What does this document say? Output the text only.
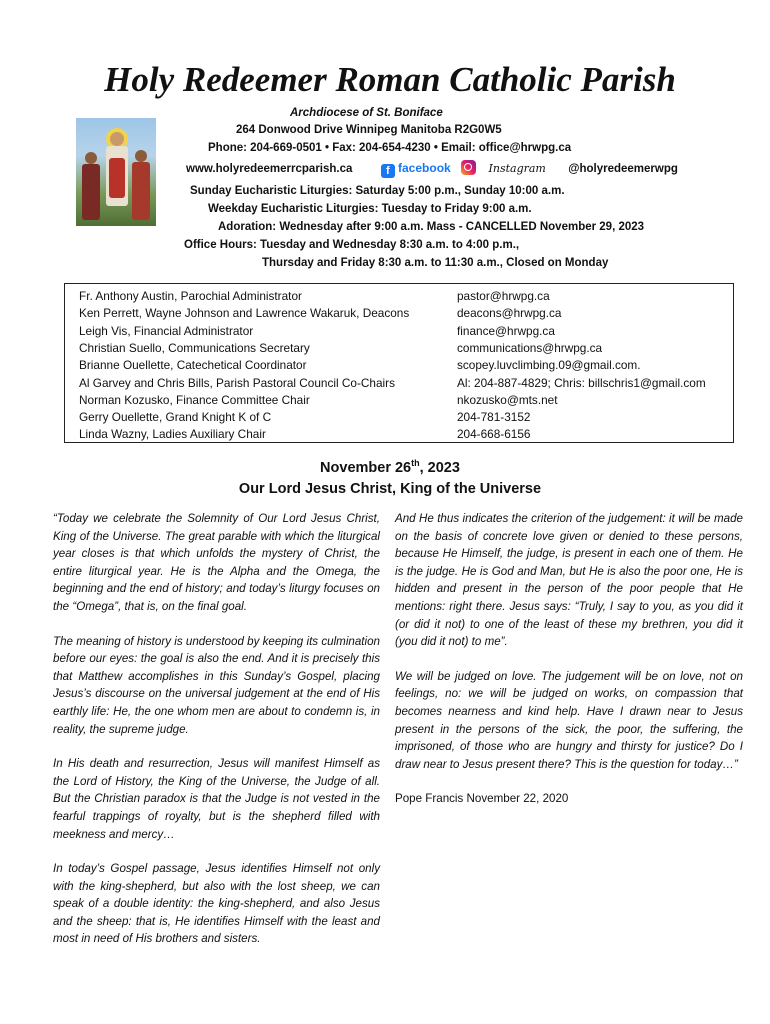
Holy Redeemer Roman Catholic Parish
Archdiocese of St. Boniface
264 Donwood Drive Winnipeg Manitoba R2G0W5
Phone: 204-669-0501 • Fax: 204-654-4230 • Email: office@hrwpg.ca
www.holyredeemerrcparish.ca	f facebook	Instagram @holyredeemerwpg
Sunday Eucharistic Liturgies: Saturday 5:00 p.m., Sunday 10:00 a.m.
Weekday Eucharistic Liturgies: Tuesday to Friday 9:00 a.m.
Adoration: Wednesday after 9:00 a.m. Mass - CANCELLED November 29, 2023
Office Hours: Tuesday and Wednesday 8:30 a.m. to 4:00 p.m.,
Thursday and Friday 8:30 a.m. to 11:30 a.m., Closed on Monday
Fr. Anthony Austin, Parochial Administrator	pastor@hrwpg.ca
Ken Perrett, Wayne Johnson and Lawrence Wakaruk, Deacons	deacons@hrwpg.ca
Leigh Vis, Financial Administrator	finance@hrwpg.ca
Christian Suello, Communications Secretary	communications@hrwpg.ca
Brianne Ouellette, Catechetical Coordinator	scopey.luvclimbing.09@gmail.com.
Al Garvey and Chris Bills, Parish Pastoral Council Co-Chairs	Al: 204-887-4829; Chris: billschris1@gmail.com
Norman Kozusko, Finance Committee Chair	nkozusko@mts.net
Gerry Ouellette, Grand Knight K of C	204-781-3152
Linda Wazny, Ladies Auxiliary Chair	204-668-6156
November 26th, 2023
Our Lord Jesus Christ, King of the Universe

“Today we celebrate the Solemnity of Our Lord Jesus Christ, King of the Universe. The great parable with which the liturgical year closes is that which unfolds the mystery of Christ, the entire liturgical year. He is the Alpha and the Omega, the beginning and the end of history; and today’s liturgy focuses on the “Omega”, that is, on the final goal.

The meaning of history is understood by keeping its culmination before our eyes: the goal is also the end. And it is precisely this that Matthew accomplishes in this Sunday’s Gospel, placing Jesus’s discourse on the universal judgement at the end of His earthly life: He, the one whom men are about to condemn is, in reality, the supreme judge.

In His death and resurrection, Jesus will manifest Himself as the Lord of History, the King of the Universe, the Judge of all. But the Christian paradox is that the Judge is not vested in the fearful trappings of royalty, but is the shepherd filled with meekness and mercy…

In today’s Gospel passage, Jesus identifies Himself not only with the king-shepherd, but also with the lost sheep, we can speak of a double identity: the king-shepherd, and also Jesus and the sheep: that is, He identifies Himself with the least and most in need of His brothers and sisters.

And He thus indicates the criterion of the judgement: it will be made on the basis of concrete love given or denied to these persons, because He Himself, the judge, is present in each one of them. He is the judge. He is God and Man, but He is also the poor one, He is hidden and present in the person of the poor people that He mentions: right there. Jesus says: “Truly, I say to you, as you did it (or did it not) to one of the least of these my brethren, you did it (you did it not) to me”.

We will be judged on love. The judgement will be on love, not on feelings, no: we will be judged on works, on compassion that becomes nearness and kind help. Have I drawn near to Jesus present in the persons of the sick, the poor, the suffering, the imprisoned, of those who are hungry and thirsty for justice? Do I draw near to Jesus present there? This is the question for today…”

Pope Francis November 22, 2020
